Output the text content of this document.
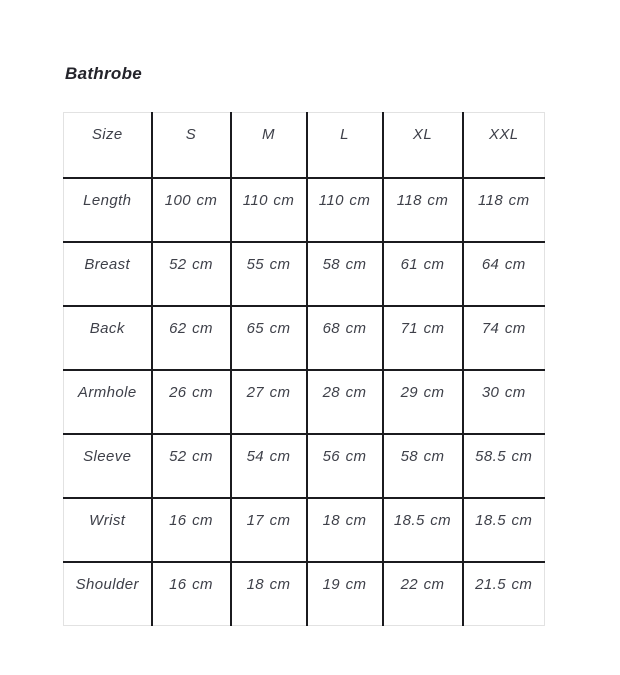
Bathrobe
Size	S	M	L	XL	XXL
Length	100 cm	110 cm	110 cm	118 cm	118 cm
Breast	52 cm	55 cm	58 cm	61 cm	64 cm
Back	62 cm	65 cm	68 cm	71 cm	74 cm
Armhole	26 cm	27 cm	28 cm	29 cm	30 cm
Sleeve	52 cm	54 cm	56 cm	58 cm	58.5 cm
Wrist	16 cm	17 cm	18 cm	18.5 cm	18.5 cm
Shoulder	16 cm	18 cm	19 cm	22 cm	21.5 cm
